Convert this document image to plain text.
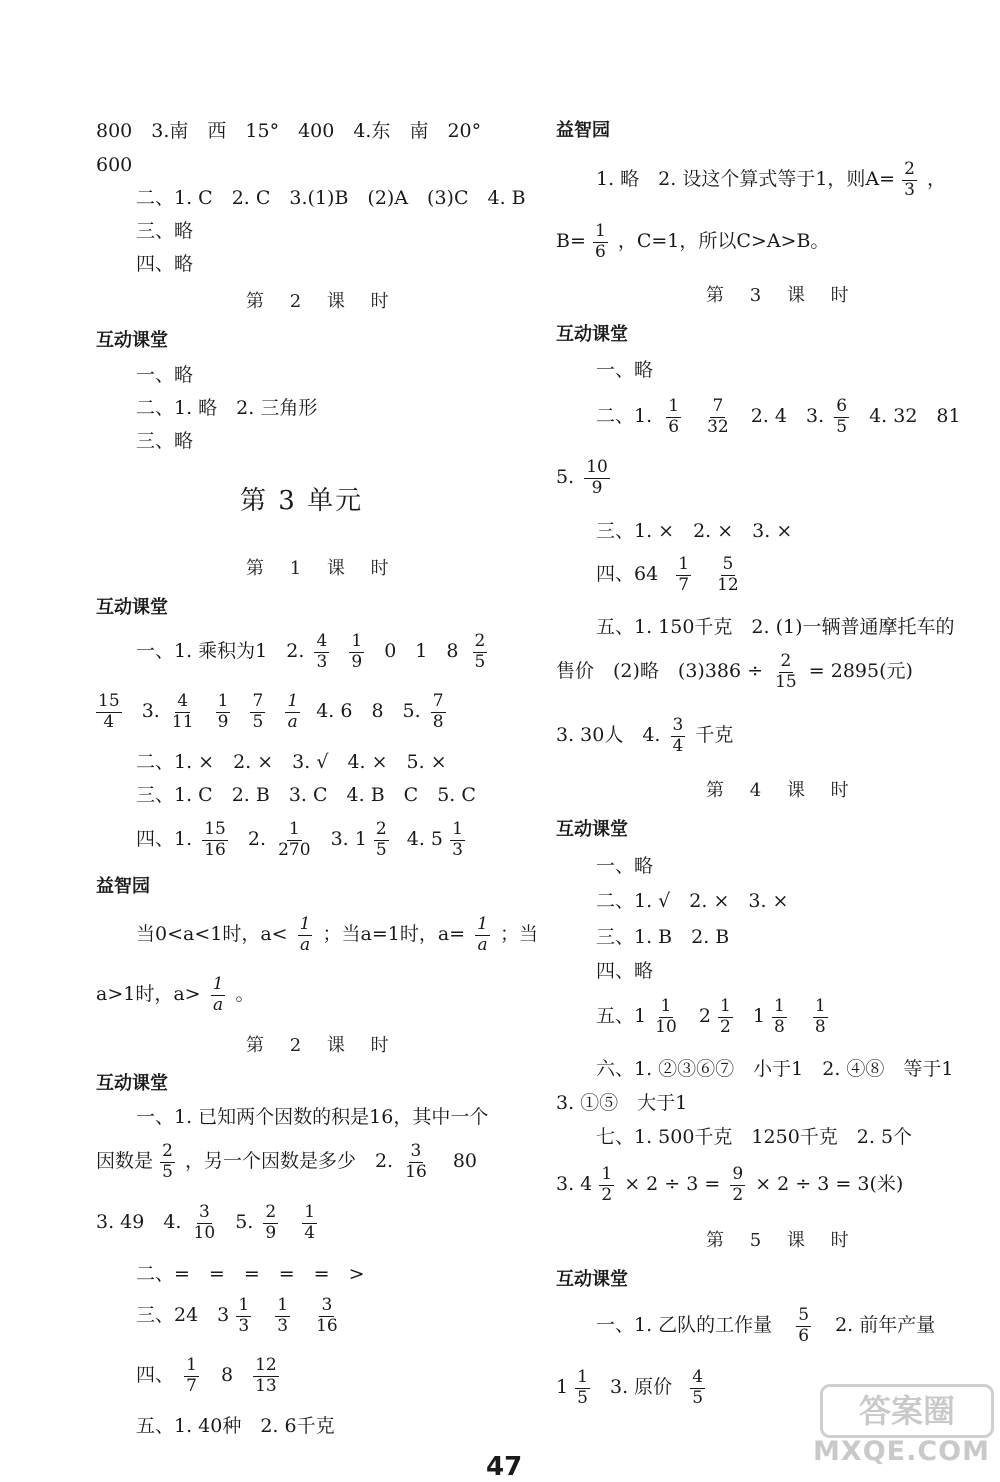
800　3.南　西　15°　400　4.东　南　20°
600
二、1. C　2. C　3.(1)B　(2)A　(3)C　4. B
三、略
四、略
第 2 课 时
互动课堂
一、略
二、1. 略　2. 三角形
三、略
第 3 单元
第 1 课 时
互动课堂
一、1. 乘积为1　2. $\frac{4}{3}$
$\frac{1}{9} 0$　1　$8 \frac{2}{5}$
$\frac{15}{4} 3$. $\frac{4}{11}$
$\frac{1}{9}$
$\frac{7}{5}$
$\frac{1}{a} 4$. 6　8　5. $\frac{7}{8}$
二、1. ×　2. ×　3. √　4. ×　5. ×
三、1. C　2. B　3. C　4. B　C　5. C
四、1. $\frac{15}{16} 2$. $\frac{1}{270} 3$. $1 \frac{2}{5} 4$. $5 \frac{1}{3}$
益智园
当0<a<1时，$a< \frac{1}{a}$ ；当a=1时，$a= \frac{1}{a}$ ；当
a>1时，$a> \frac{1}{a}$ 。
第 2 课 时
互动课堂
一、1. 已知两个因数的积是16，其中一个
因数是 $\frac{2}{5}$ ，另一个因数是多少　2. $\frac{3}{16} 80$
3. 49　4. $\frac{3}{10} 5$. $\frac{2}{9}$
$\frac{1}{4}$
二、=　=　=　=　=　>
三、24　$3 \frac{1}{3}$
$\frac{1}{3}$
$\frac{3}{16}$
四、 $\frac{1}{7} 8 \frac{12}{13}$
五、1. 40种　2. 6千克
益智园
1. 略　2. 设这个算式等于1，则$A= \frac{2}{3}$ ，
$B= \frac{1}{6}$ ，C=1，所以C>A>B。
第 3 课 时
互动课堂
一、略
二、1. $\frac{1}{6}$
$\frac{7}{32} 2$. 4　3. $\frac{6}{5} 4$. 32　81
5. $\frac{10}{9}$
三、1. ×　2. ×　3. ×
四、$64 \frac{1}{7}$
$\frac{5}{12}$
五、1. 150千克　2. (1)一辆普通摩托车的
售价　(2)略　$(3)386 \div \frac{2}{15} = 2895$(元)
3. 30人　4. $\frac{3}{4}$ 千克
第 4 课 时
互动课堂
一、略
二、1. √　2. ×　3. ×
三、1. B　2. B
四、略
五、$1 \frac{1}{10} 2 \frac{1}{2} 1 \frac{1}{8}$
$\frac{1}{8}$
六、1. ②③⑥⑦　小于1　2. ④⑧　等于1
3. ①⑤　大于1
七、1. 500千克　1250千克　2. 5个
3. $4 \frac{1}{2} \times 2 \div 3 = \frac{9}{2} \times 2 \div 3 = 3$(米)
第 5 课 时
互动课堂
一、1. 乙队的工作量 $\frac{5}{6} 2$. 前年产量
$1 \frac{1}{5} 3$. 原价 $\frac{4}{5}$
答案圈
MXQE.COM
47
